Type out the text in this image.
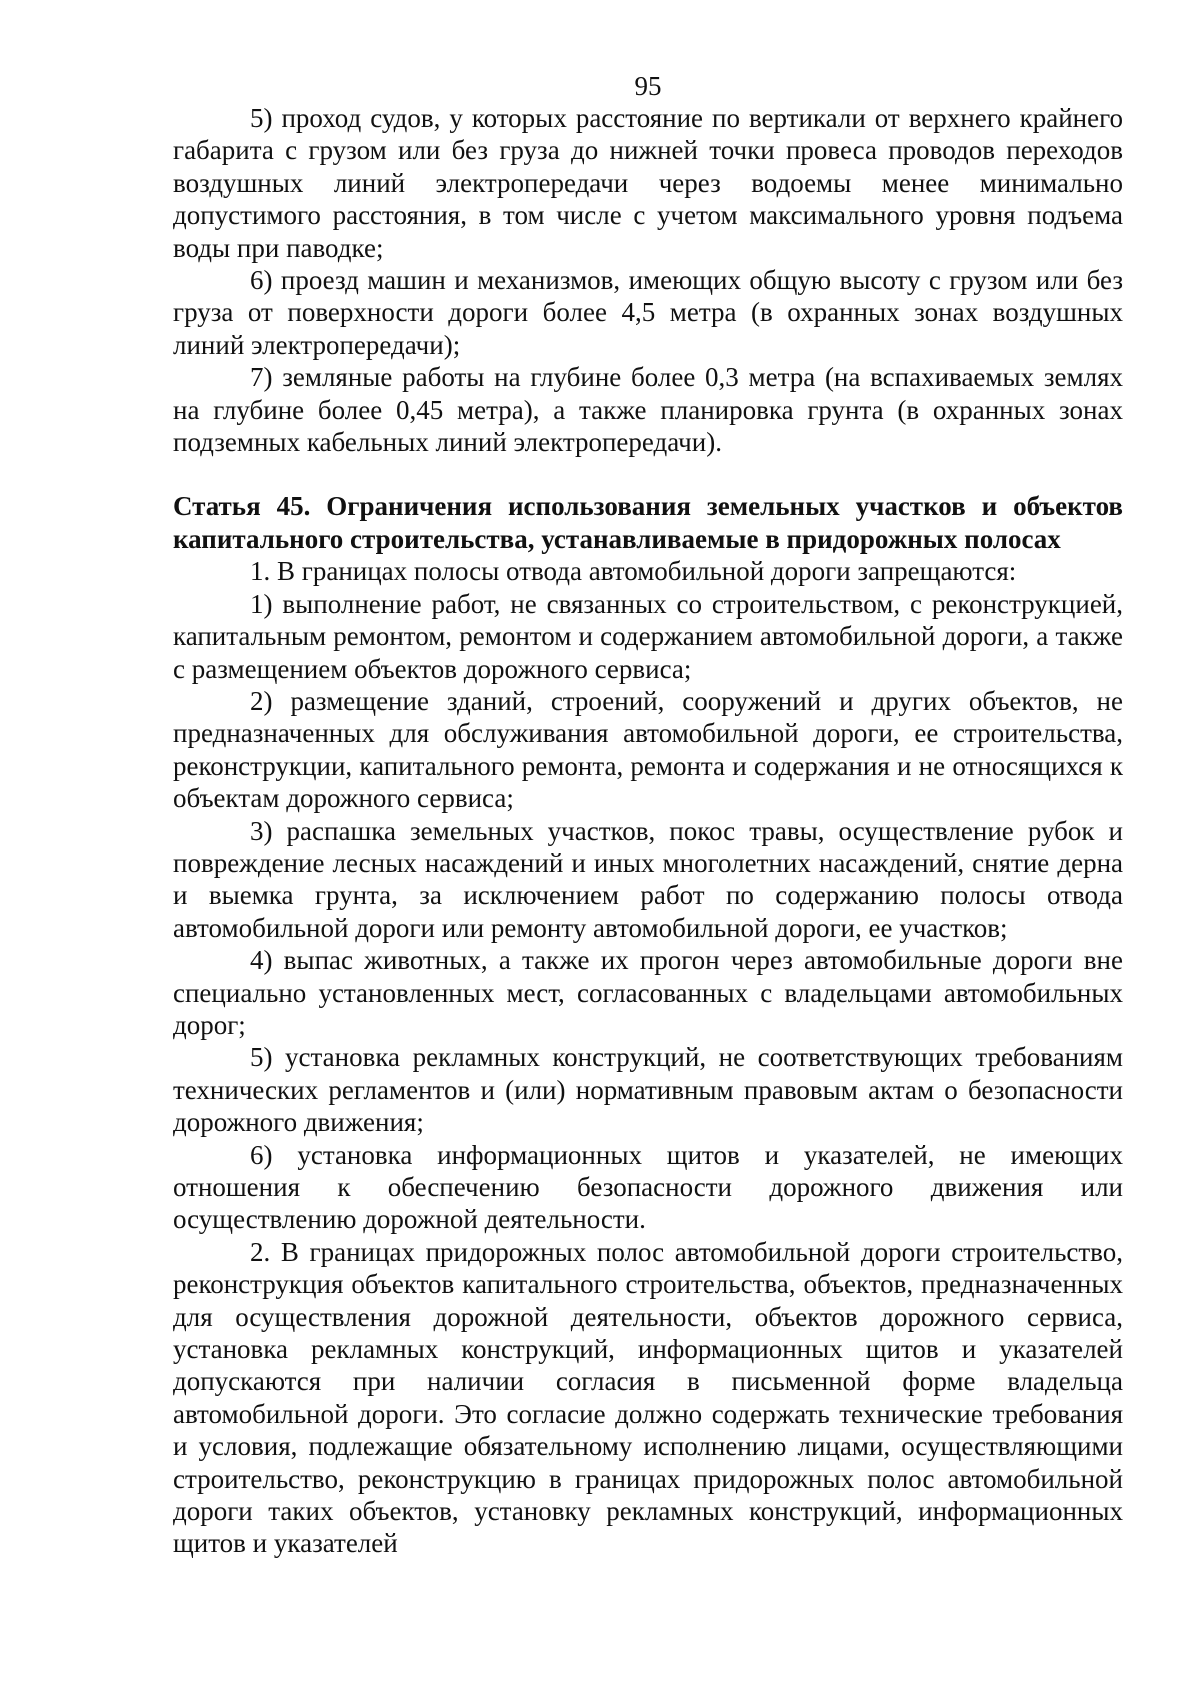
95

5) проход судов, у которых расстояние по вертикали от верхнего крайнего габарита с грузом или без груза до нижней точки провеса проводов переходов воздушных линий электропередачи через водоемы менее минимально допустимого расстояния, в том числе с учетом максимального уровня подъема воды при паводке;

6) проезд машин и механизмов, имеющих общую высоту с грузом или без груза от поверхности дороги более 4,5 метра (в охранных зонах воздушных линий электропередачи);

7) земляные работы на глубине более 0,3 метра (на вспахиваемых землях на глубине более 0,45 метра), а также планировка грунта (в охранных зонах подземных кабельных линий электропередачи).

Статья 45. Ограничения использования земельных участков и объектов капитального строительства, устанавливаемые в придорожных полосах

1. В границах полосы отвода автомобильной дороги запрещаются:

1) выполнение работ, не связанных со строительством, с реконструкцией, капитальным ремонтом, ремонтом и содержанием автомобильной дороги, а также с размещением объектов дорожного сервиса;

2) размещение зданий, строений, сооружений и других объектов, не предназначенных для обслуживания автомобильной дороги, ее строительства, реконструкции, капитального ремонта, ремонта и содержания и не относящихся к объектам дорожного сервиса;

3) распашка земельных участков, покос травы, осуществление рубок и повреждение лесных насаждений и иных многолетних насаждений, снятие дерна и выемка грунта, за исключением работ по содержанию полосы отвода автомобильной дороги или ремонту автомобильной дороги, ее участков;

4) выпас животных, а также их прогон через автомобильные дороги вне специально установленных мест, согласованных с владельцами автомобильных дорог;

5) установка рекламных конструкций, не соответствующих требованиям технических регламентов и (или) нормативным правовым актам о безопасности дорожного движения;

6) установка информационных щитов и указателей, не имеющих отношения к обеспечению безопасности дорожного движения или осуществлению дорожной деятельности.

2. В границах придорожных полос автомобильной дороги строительство, реконструкция объектов капитального строительства, объектов, предназначенных для осуществления дорожной деятельности, объектов дорожного сервиса, установка рекламных конструкций, информационных щитов и указателей допускаются при наличии согласия в письменной форме владельца автомобильной дороги. Это согласие должно содержать технические требования и условия, подлежащие обязательному исполнению лицами, осуществляющими строительство, реконструкцию в границах придорожных полос автомобильной дороги таких объектов, установку рекламных конструкций, информационных щитов и указателей
